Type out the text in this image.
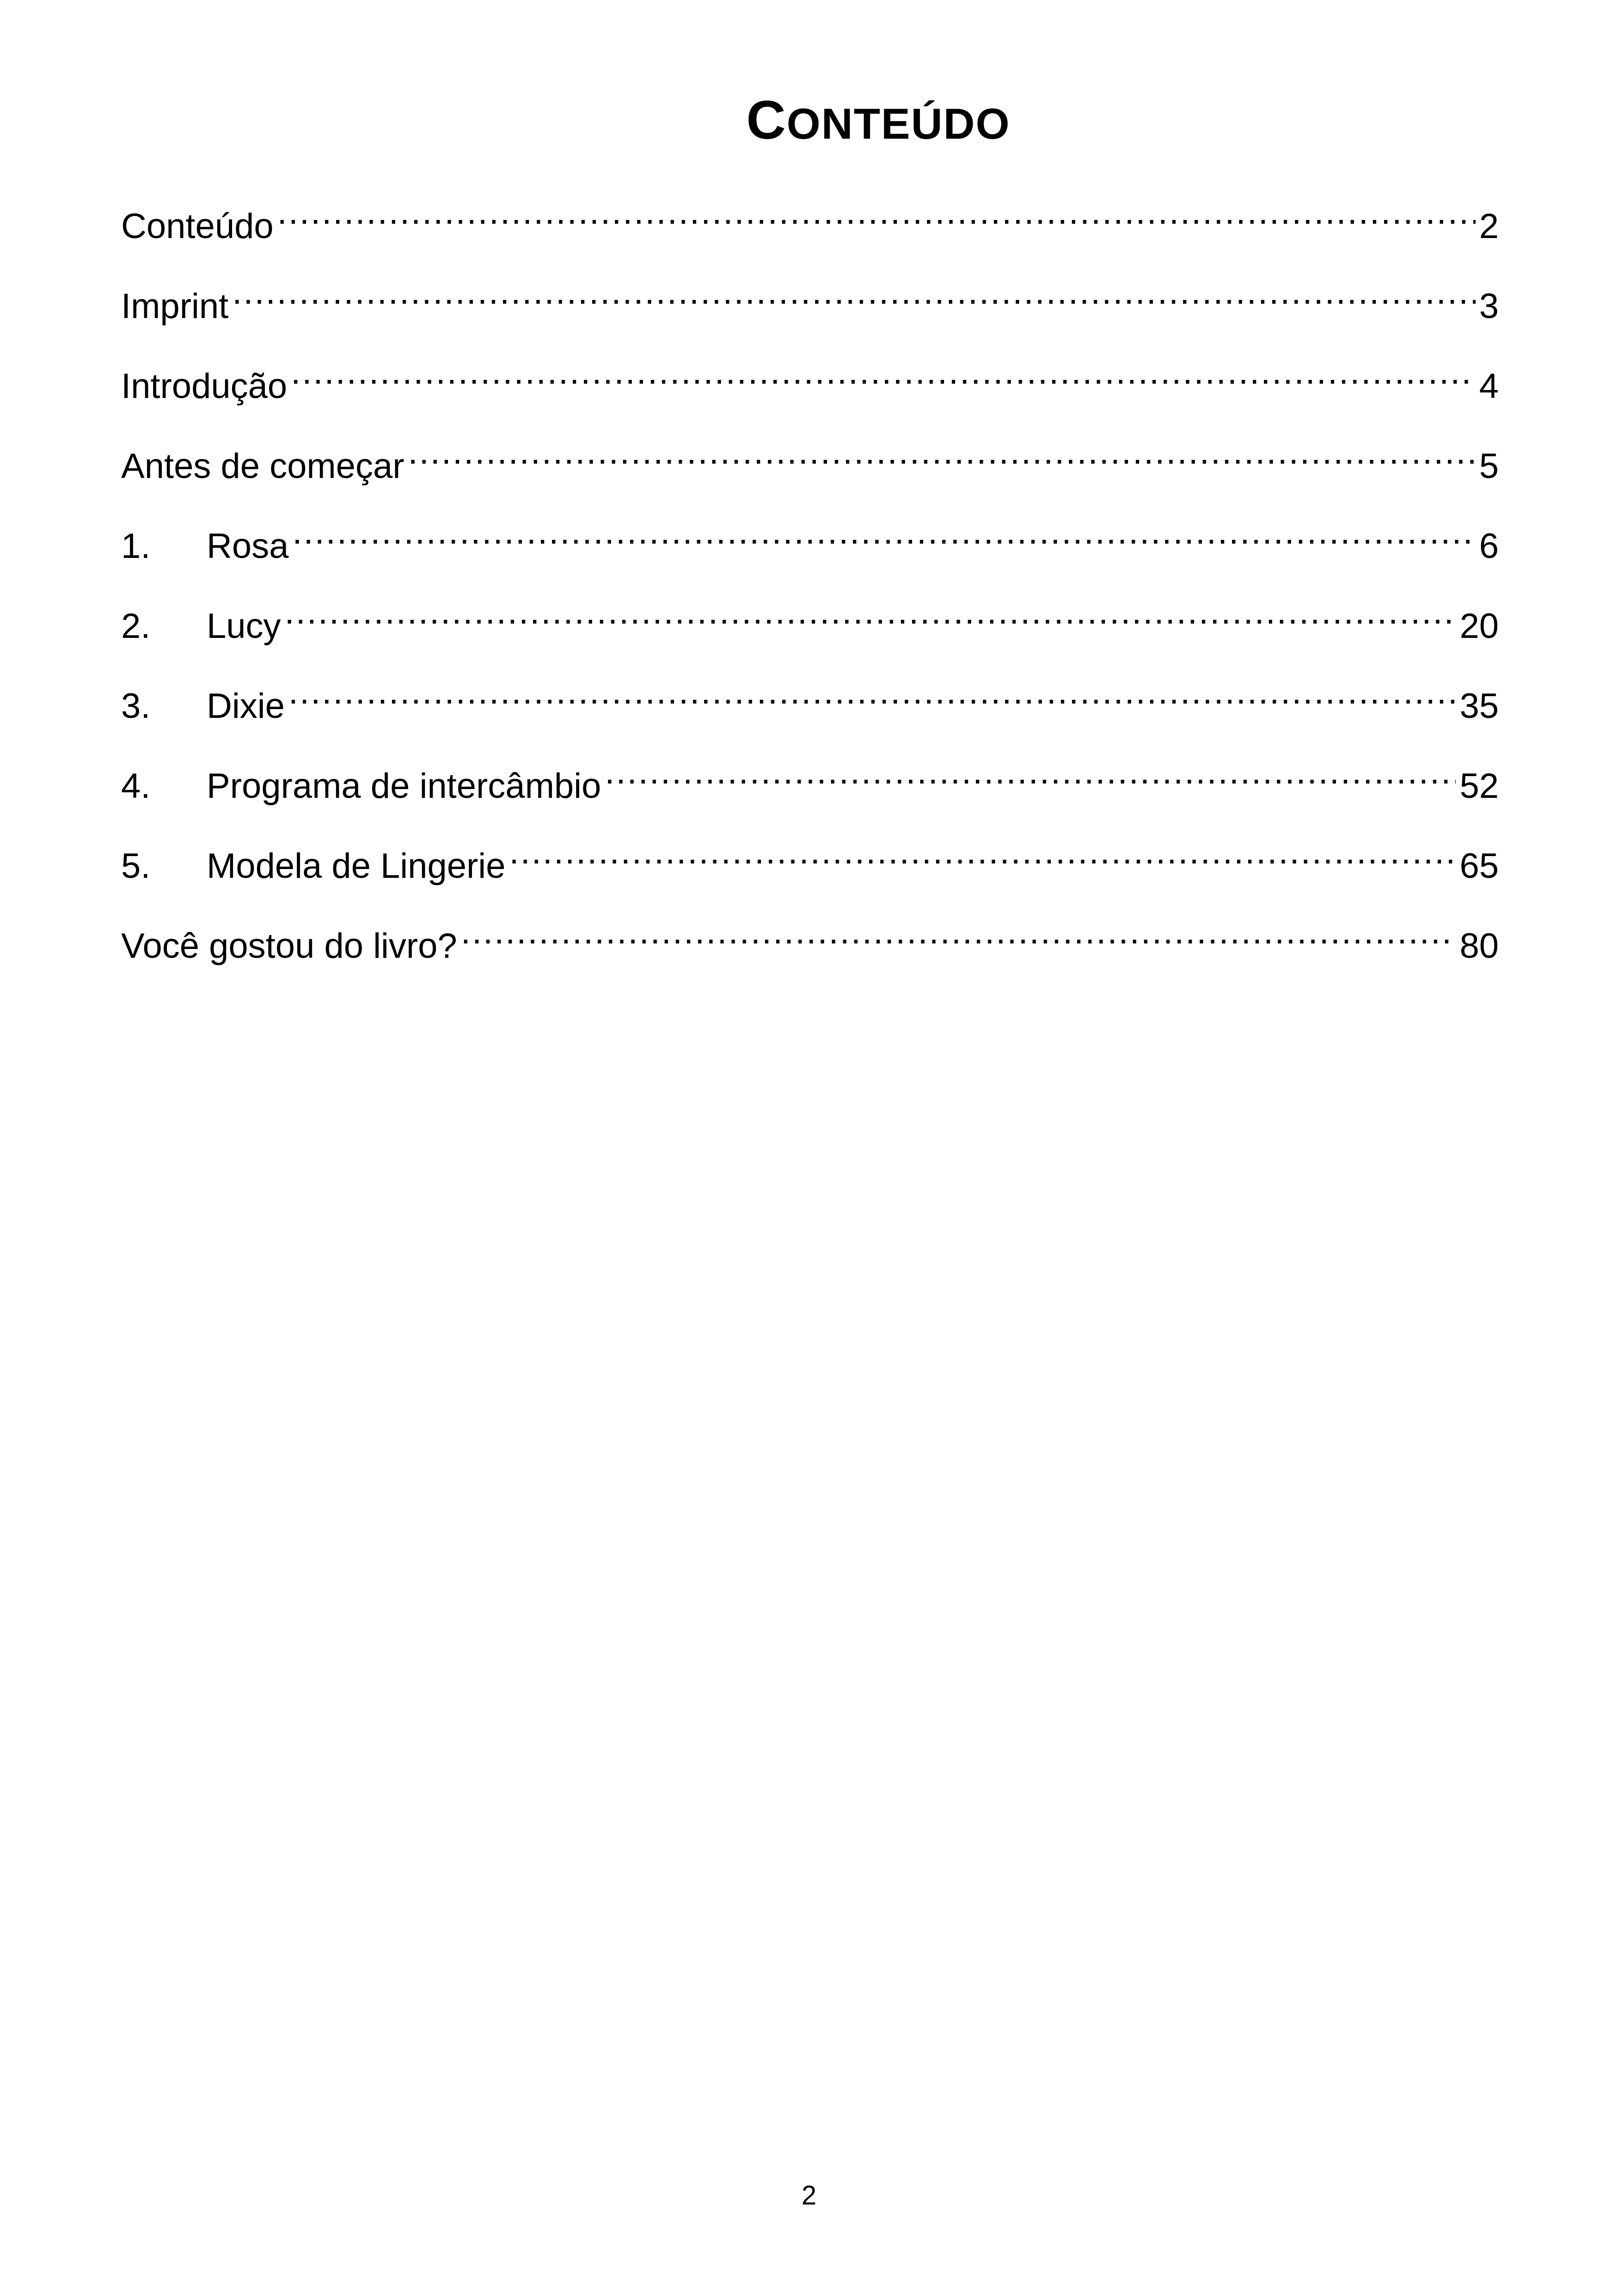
CONTEÚDO
Conteúdo .....	2
Imprint .....	3
Introdução .....	4
Antes de começar .....	5
1.	Rosa .....	6
2.	Lucy .....	20
3.	Dixie .....	35
4.	Programa de intercâmbio .....	52
5.	Modela de Lingerie .....	65
Você gostou do livro? .....	80
2
